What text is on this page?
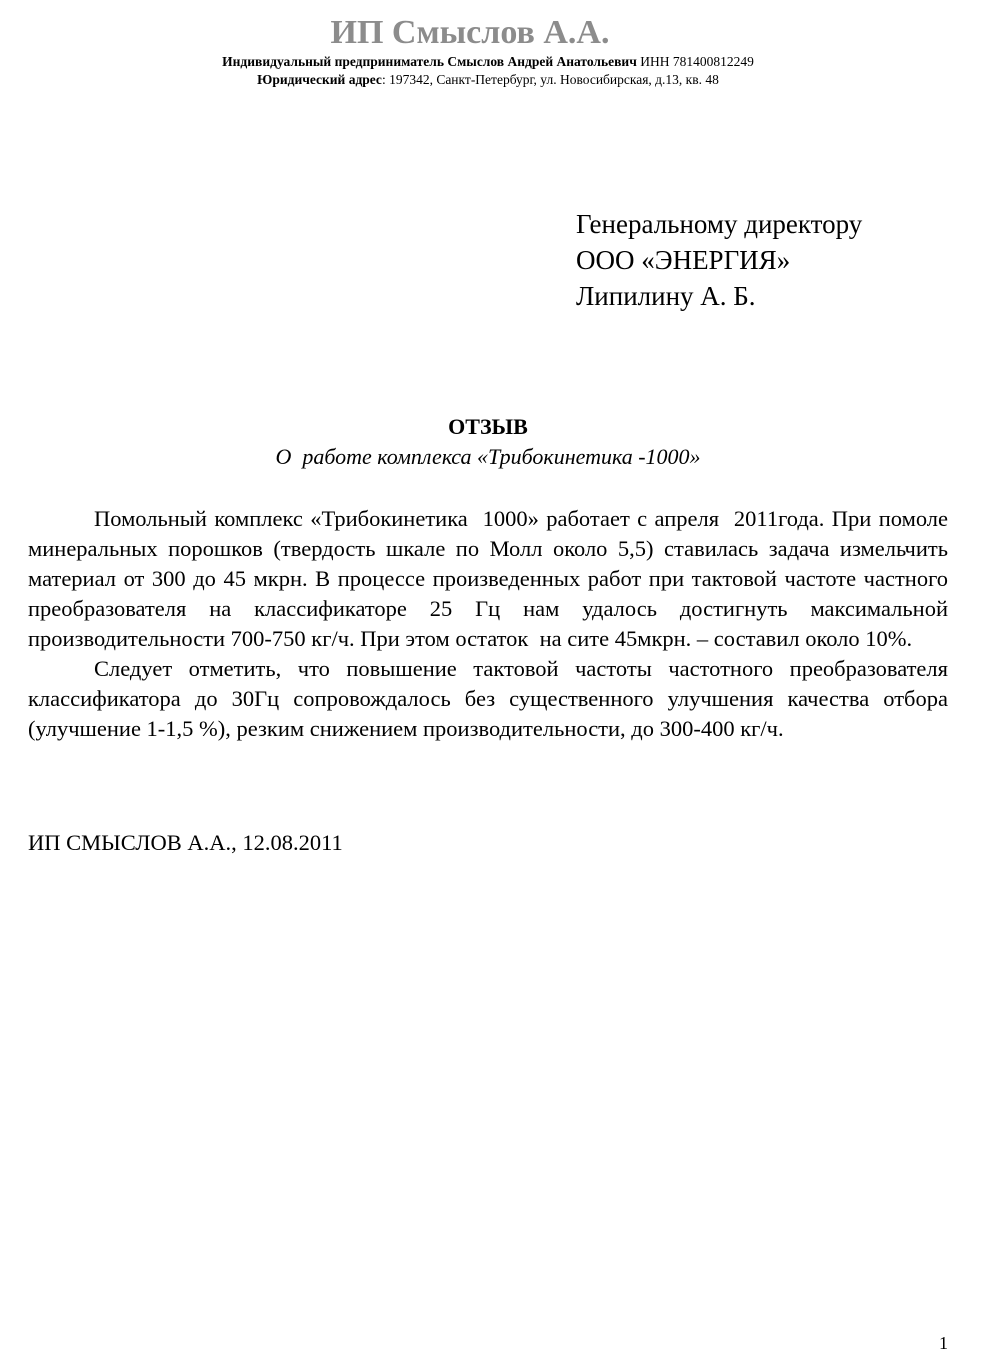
ИП Смыслов А.А.
Индивидуальный предприниматель Смыслов Андрей Анатольевич ИНН 781400812249
Юридический адрес: 197342, Санкт-Петербург, ул. Новосибирская, д.13, кв. 48
Генеральному директору
ООО «ЭНЕРГИЯ»
Липилину А. Б.
ОТЗЫВ
О  работе комплекса «Трибокинетика -1000»

Помольный комплекс «Трибокинетика  1000» работает с апреля  2011года. При помоле минеральных порошков (твердость шкале по Молл около 5,5) ставилась задача измельчить материал от 300 до 45 мкрн. В процессе произведенных работ при тактовой частоте частного преобразователя на классификаторе 25 Гц нам удалось достигнуть максимальной производительности 700-750 кг/ч. При этом остаток  на сите 45мкрн. – составил около 10%.

Следует отметить, что повышение тактовой частоты частотного преобразователя  классификатора до 30Гц сопровождалось без существенного улучшения качества отбора (улучшение 1-1,5 %), резким снижением производительности, до 300-400 кг/ч.

ИП СМЫСЛОВ А.А., 12.08.2011
1
